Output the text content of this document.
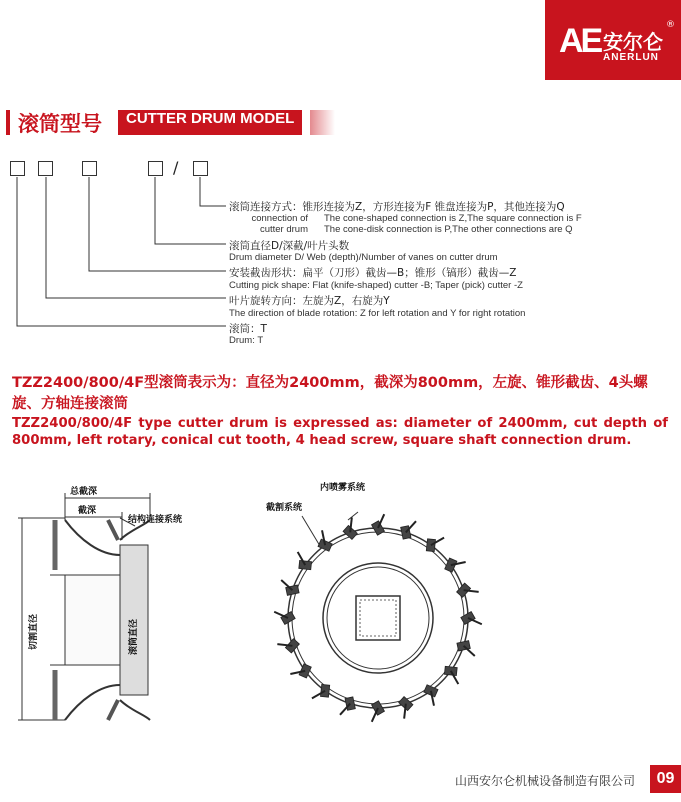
AE 安尔仑
ANERLUN
®
滚筒型号	CUTTER DRUM MODEL
/
滚筒连接方式：锥形连接为Z，方形连接为F 锥盘连接为P，其他连接为Q
connection of
cutter drum
The cone-shaped connection is Z,The square connection is F
The cone-disk connection is P,The other connections are Q
滚筒直径D/深截/叶片头数
Drum diameter D/ Web (depth)/Number of vanes on cutter drum
安装截齿形状：扁平（刀形）截齿—B；锥形（镐形）截齿—Z
Cutting pick shape: Flat (knife-shaped) cutter -B; Taper (pick) cutter -Z
叶片旋转方向：左旋为Z，右旋为Y
The direction of blade rotation: Z for left rotation and Y for right rotation
滚筒：T
Drum: T
TZZ2400/800/4F型滚筒表示为：直径为2400mm，截深为800mm，左旋、锥形截齿、4头螺旋、方轴连接滚筒
TZZ2400/800/4F type cutter drum is expressed as: diameter of 2400mm, cut depth of 800mm, left rotary, conical cut tooth, 4 head screw, square shaft connection drum.
总截深
截深
结构连接系统
切割直径	滚筒直径
内喷雾系统
截割系统
山西安尔仑机械设备制造有限公司	09
